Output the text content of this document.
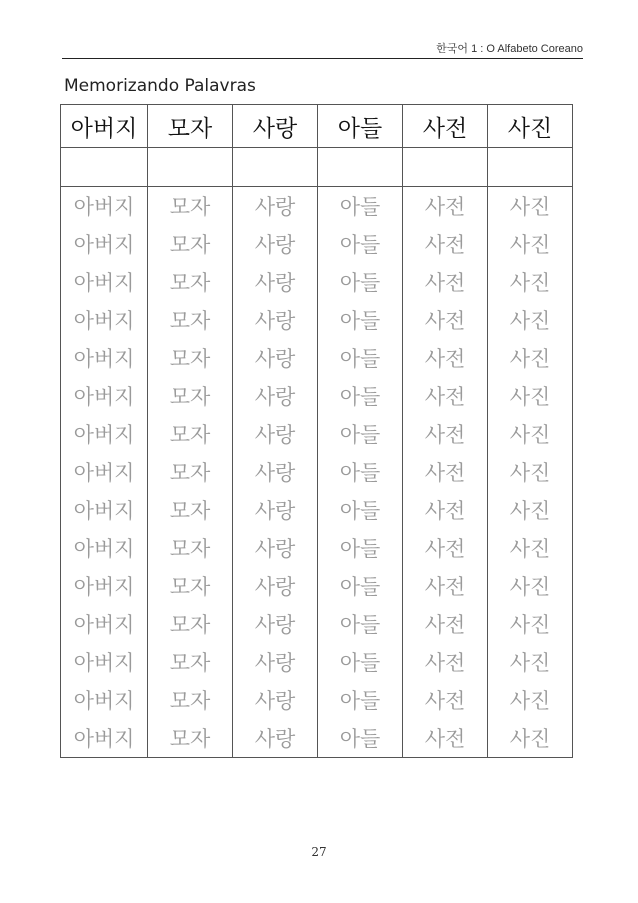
한국어 1 : O Alfabeto Coreano
Memorizando Palavras
아버지	모자	사랑	아들	사전	사진

아버지	모자	사랑	아들	사전	사진
아버지	모자	사랑	아들	사전	사진
아버지	모자	사랑	아들	사전	사진
아버지	모자	사랑	아들	사전	사진
아버지	모자	사랑	아들	사전	사진
아버지	모자	사랑	아들	사전	사진
아버지	모자	사랑	아들	사전	사진
아버지	모자	사랑	아들	사전	사진
아버지	모자	사랑	아들	사전	사진
아버지	모자	사랑	아들	사전	사진
아버지	모자	사랑	아들	사전	사진
아버지	모자	사랑	아들	사전	사진
아버지	모자	사랑	아들	사전	사진
아버지	모자	사랑	아들	사전	사진
아버지	모자	사랑	아들	사전	사진
27
